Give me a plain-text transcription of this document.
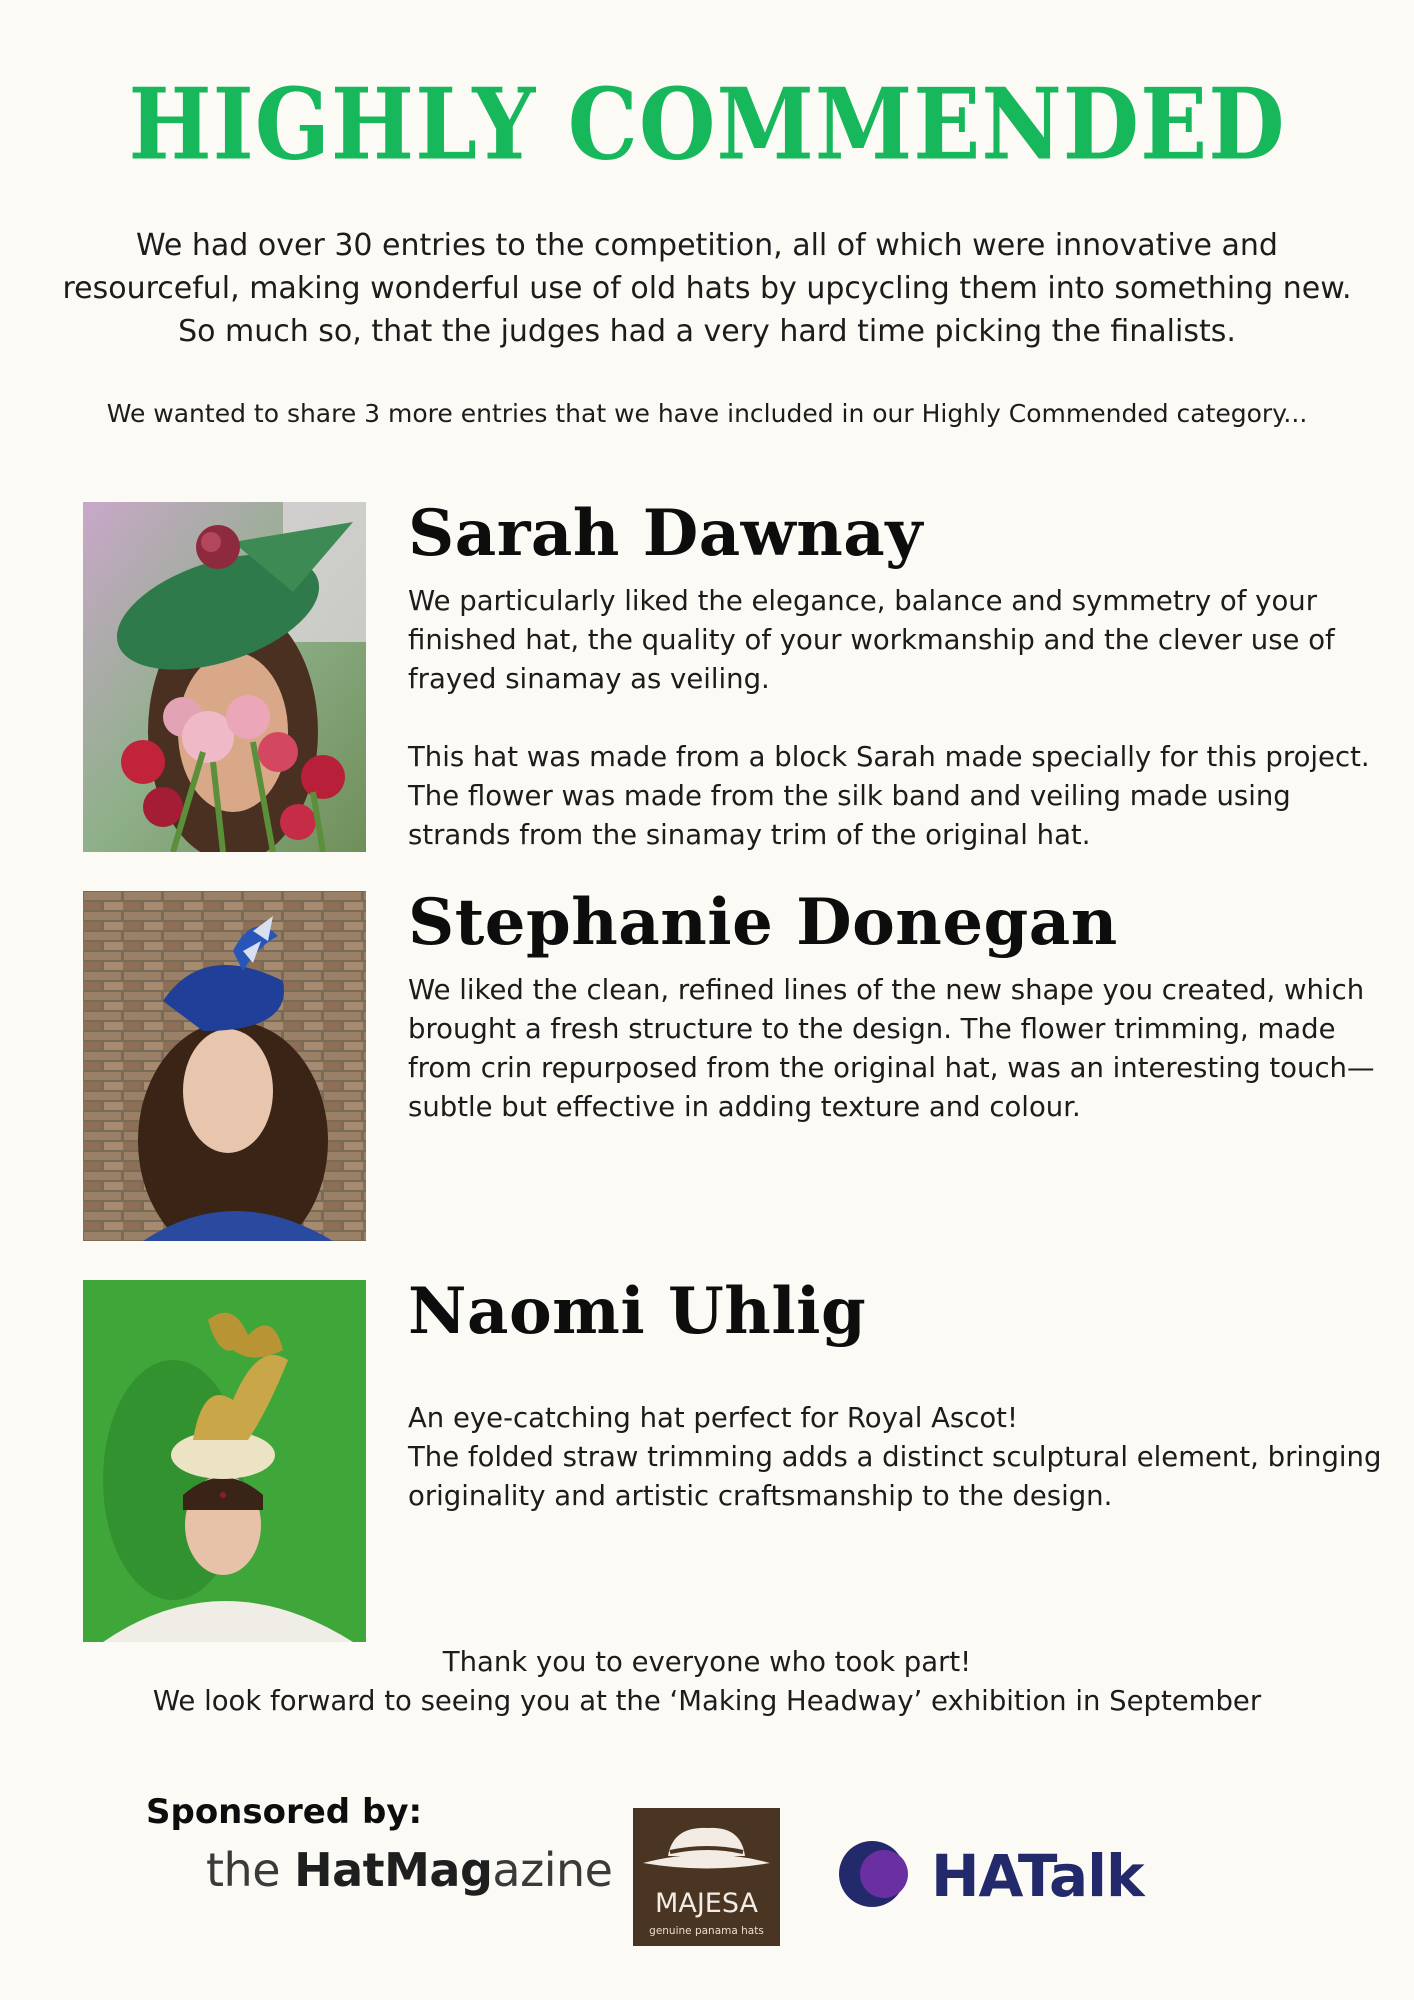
HIGHLY COMMENDED
We had over 30 entries to the competition, all of which were innovative and
resourceful, making wonderful use of old hats by upcycling them into something new.
So much so, that the judges had a very hard time picking the finalists.
We wanted to share 3 more entries that we have included in our Highly Commended category...
Sarah Dawnay

We particularly liked the elegance, balance and symmetry of your finished hat, the quality of your workmanship and the clever use of frayed sinamay as veiling.

This hat was made from a block Sarah made specially for this project. The flower was made from the silk band and veiling made using strands from the sinamay trim of the original hat.

Stephanie Donegan

We liked the clean, refined lines of the new shape you created, which brought a fresh structure to the design. The flower trimming, made from crin repurposed from the original hat, was an interesting touch—subtle but effective in adding texture and colour.

Naomi Uhlig

An eye-catching hat perfect for Royal Ascot!
The folded straw trimming adds a distinct sculptural element, bringing originality and artistic craftsmanship to the design.

Thank you to everyone who took part!
We look forward to seeing you at the ‘Making Headway’ exhibition in September
Sponsored by:
the HatMagazine
MAJESA
genuine panama hats
HATalk
